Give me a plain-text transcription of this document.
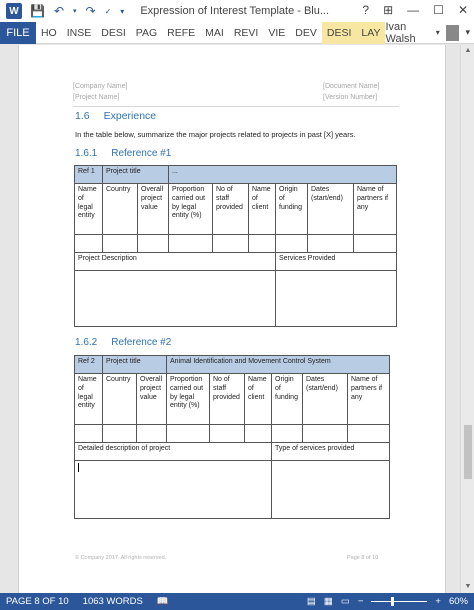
W 💾 ↶ ▾ ↷ ✓ ▾ Expression of Interest Template - Blu...	? ⊞ — ☐ ✕
FILE	HO INSE DESI PAG REFE MAI REVI VIE DEV DESI LAY Ivan Walsh	▾	▾
[Company Name]
[Project Name]
[Document Name]
[Version Number]
1.6 Experience
In the table below, summarize the major projects related to projects in past [X] years.
1.6.1 Reference #1
Ref 1	Project title		...					
Name of legal entity	Country	Overall project value	Proportion carried out by legal entity (%)	No of staff provided	Name of client	Origin of funding	Dates (start/end)	Name of partners if any

Project Description						Services Provided		

1.6.2 Reference #2
Ref 2	Project title		Animal Identification and Movement Control System					
Name of legal entity	Country	Overall project value	Proportion carried out by legal entity (%)	No of staff provided	Name of client	Origin of funding	Dates (start/end)	Name of partners if any

Detailed description of project						Type of services provided		

© Company 2017. All rights reserved.	Page 8 of 10
▲
▼
PAGE 8 OF 10 1063 WORDS 📖	▤ ▦ ▭ −	+ 60%
